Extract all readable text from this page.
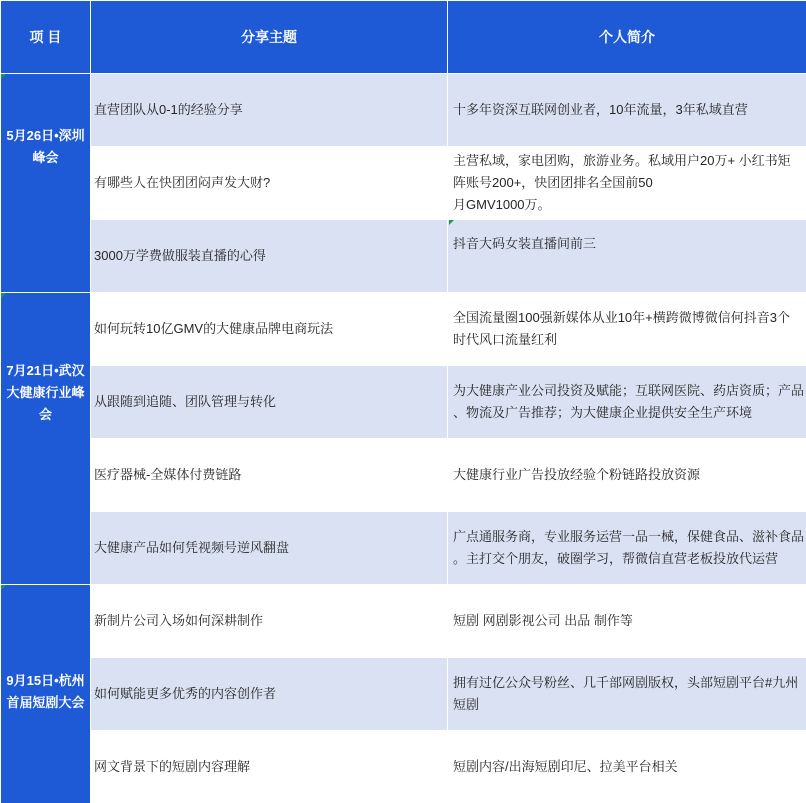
项 目	分享主题	个人简介

5月26日•深圳
峰会	直营团队从0-1的经验分享	十多年资深互联网创业者，10年流量，3年私域直营

	有哪些人在快团团闷声发大财?	主营私域，家电团购，旅游业务。私域用户20万+ 小红书矩
阵账号200+，快团团排名全国前50
月GMV1000万。

	3000万学费做服装直播的心得	抖音大码女装直播间前三

7月21日•武汉
大健康行业峰
会	如何玩转10亿GMV的大健康品牌电商玩法	全国流量圈100强新媒体从业10年+横跨微博微信何抖音3个
时代风口流量红利

	从跟随到追随、团队管理与转化	为大健康产业公司投资及赋能；互联网医院、药店资质；产品
、物流及广告推荐；为大健康企业提供安全生产环境

	医疗器械-全媒体付费链路	大健康行业广告投放经验个粉链路投放资源

	大健康产品如何凭视频号逆风翻盘	广点通服务商，专业服务运营一品一械，保健食品、滋补食品
。主打交个朋友，破圈学习，帮微信直营老板投放代运营

9月15日•杭州
首届短剧大会	新制片公司入场如何深耕制作	短剧 网剧影视公司 出品 制作等

	如何赋能更多优秀的内容创作者	拥有过亿公众号粉丝、几千部网剧版权，头部短剧平台#九州
短剧

	网文背景下的短剧内容理解	短剧内容/出海短剧印尼、拉美平台相关
